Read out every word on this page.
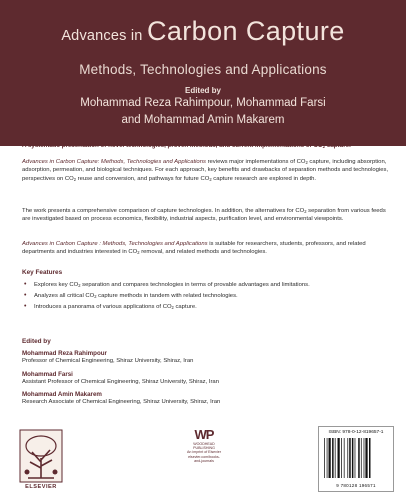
Advances in Carbon Capture
Methods, Technologies and Applications
Edited by
Mohammad Reza Rahimpour, Mohammad Farsi
and Mohammad Amin Makarem
A systematic presentation of novel technologies, proven methods, and current implementations of $CO_2$ capture.
Advances in Carbon Capture: Methods, Technologies and Applications reviews major implementations of $CO_2$ capture, including absorption, adsorption, permeation, and biological techniques. For each approach, key benefits and drawbacks of separation methods and technologies, perspectives on $CO_2$ reuse and conversion, and pathways for future $CO_2$ capture research are explored in depth.
The work presents a comprehensive comparison of capture technologies. In addition, the alternatives for $CO_2$ separation from various feeds are investigated based on process economics, flexibility, industrial aspects, purification level, and environmental viewpoints.
Advances in Carbon Capture : Methods, Technologies and Applications is suitable for researchers, students, professors, and related departments and industries interested in $CO_2$ removal, and related methods and technologies.
Key Features
• Explores key $CO_2$ separation and compares technologies in terms of provable advantages and limitations.
• Analyzes all critical $CO_2$ capture methods in tandem with related technologies.
• Introduces a panorama of various applications of $CO_2$ capture.
Edited by
Mohammad Reza Rahimpour
Professor of Chemical Engineering, Shiraz University, Shiraz, Iran
Mohammad Farsi
Assistant Professor of Chemical Engineering, Shiraz University, Shiraz, Iran
Mohammad Amin Makarem
Research Associate of Chemical Engineering, Shiraz University, Shiraz, Iran
ELSEVIER
WP
WOODHEAD
PUBLISHING
An imprint of Elsevier
elsevier.com/books-and-journals
ISBN: 978-0-12-819657-1
9 780128 196571
